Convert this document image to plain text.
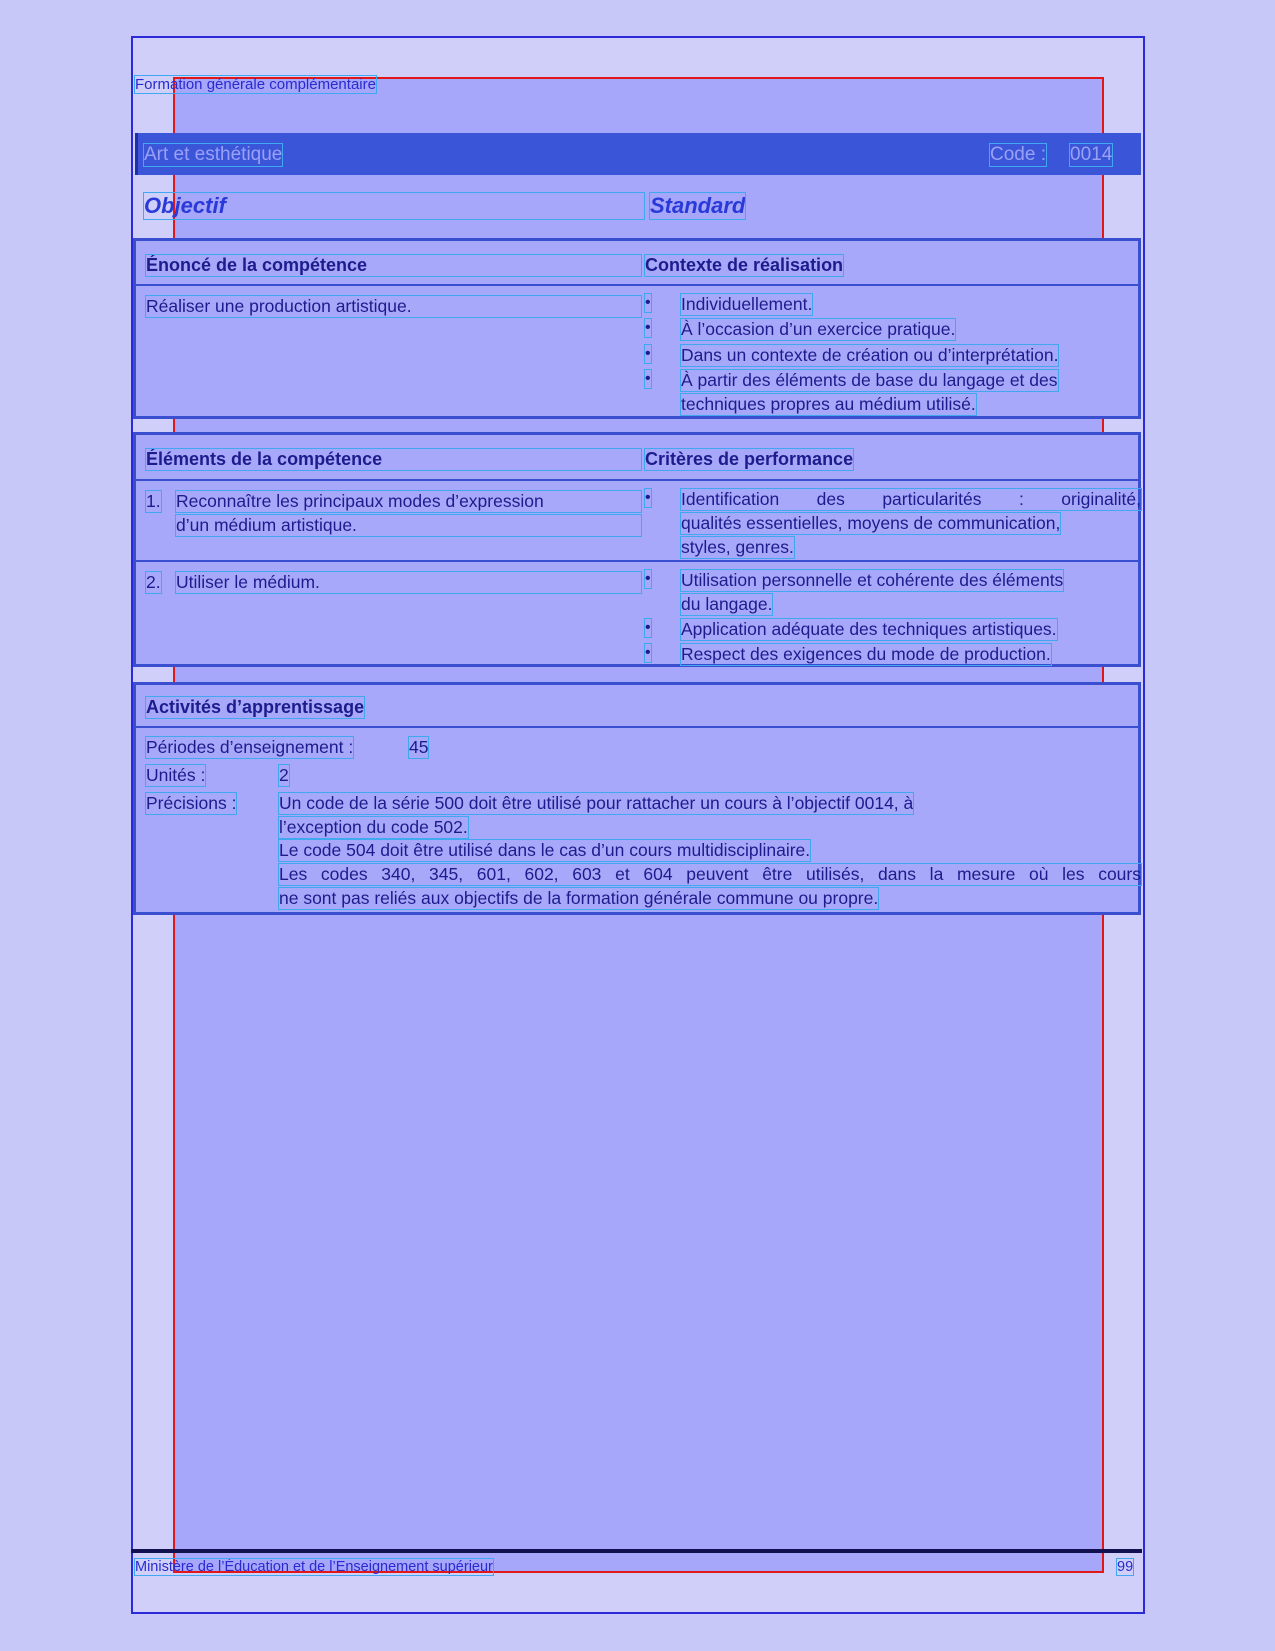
Formation générale complémentaire
Art et esthétique	Code : 0014
Objectif	Standard
Énoncé de la compétence	Contexte de réalisation
Réaliser une production artistique.	• Individuellement.
• À l’occasion d’un exercice pratique.
• Dans un contexte de création ou d’interprétation.
• À partir des éléments de base du langage et des
techniques propres au médium utilisé.
Éléments de la compétence	Critères de performance
1. Reconnaître les principaux modes d’expression
d’un médium artistique.
• Identification des particularités : originalité,
qualités essentielles, moyens de communication,
styles, genres.
2. Utiliser le médium.	• Utilisation personnelle et cohérente des éléments
du langage.
• Application adéquate des techniques artistiques.
• Respect des exigences du mode de production.
Activités d’apprentissage
Périodes d’enseignement :	45
Unités :	2
Précisions : Un code de la série 500 doit être utilisé pour rattacher un cours à l’objectif 0014, à
l’exception du code 502.
Le code 504 doit être utilisé dans le cas d’un cours multidisciplinaire.
Les codes 340, 345, 601, 602, 603 et 604 peuvent être utilisés, dans la mesure où les cours
ne sont pas reliés aux objectifs de la formation générale commune ou propre.
Ministère de l’Éducation et de l’Enseignement supérieur	99
